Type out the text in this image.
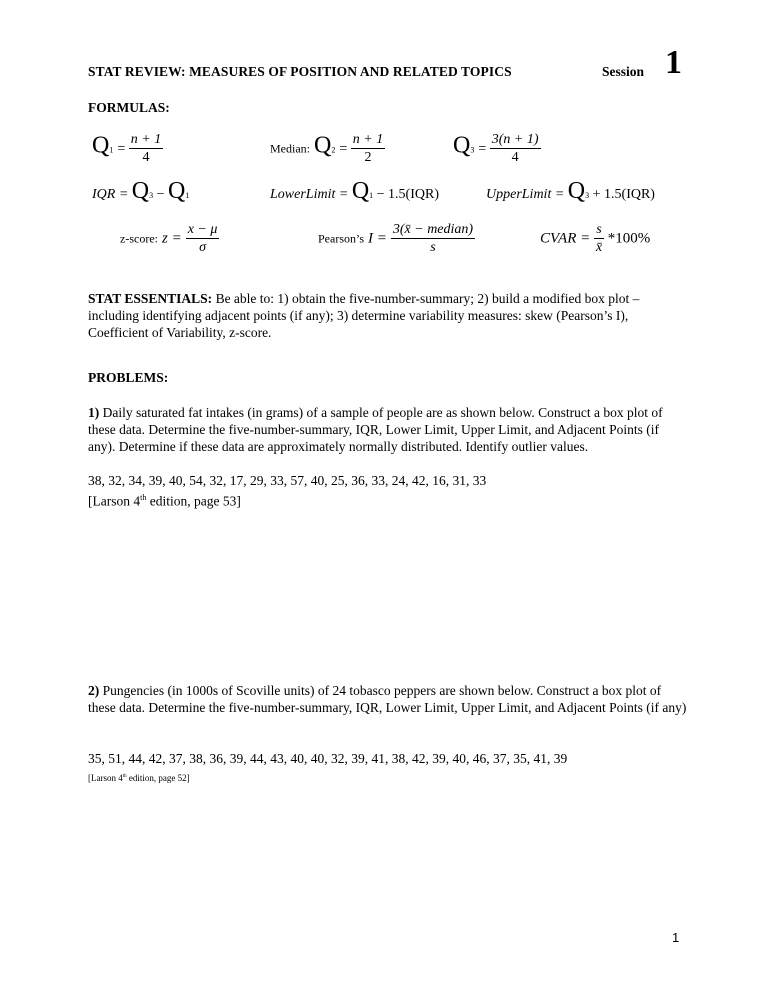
STAT REVIEW: MEASURES OF POSITION AND RELATED TOPICS	Session 1
FORMULAS:
$Q1 = \frac{n + 1}{4}$	Median: $Q2 = \frac{n + 1}{2}$	$Q3 = \frac{3(n + 1)}{4}$
IQR = Q3 − Q1	LowerLimit = Q1 − 1.5(IQR)	UpperLimit = Q3 + 1.5(IQR)
z-score: $z = \frac{x - \mu}{\sigma}$	Pearson’s $I = \frac{\text{3(x̄ − median)}}{s}$	CVAR = $\frac{s}{x̄} *100\%$
STAT ESSENTIALS: Be able to: 1) obtain the five-number-summary; 2) build a modified box plot – including identifying adjacent points (if any); 3) determine variability measures: skew (Pearson’s I), Coefficient of Variability, z-score.
PROBLEMS:
1) Daily saturated fat intakes (in grams) of a sample of people are as shown below. Construct a box plot of these data. Determine the five-number-summary, IQR, Lower Limit, Upper Limit, and Adjacent Points (if any). Determine if these data are approximately normally distributed. Identify outlier values.
38, 32, 34, 39, 40, 54, 32, 17, 29, 33, 57, 40, 25, 36, 33, 24, 42, 16, 31, 33
[Larson 4th edition, page 53]
2) Pungencies (in 1000s of Scoville units) of 24 tobasco peppers are shown below. Construct a box plot of these data. Determine the five-number-summary, IQR, Lower Limit, Upper Limit, and Adjacent Points (if any)
35, 51, 44, 42, 37, 38, 36, 39, 44, 43, 40, 40, 32, 39, 41, 38, 42, 39, 40, 46, 37, 35, 41, 39
[Larson 4th edition, page 52]
1
